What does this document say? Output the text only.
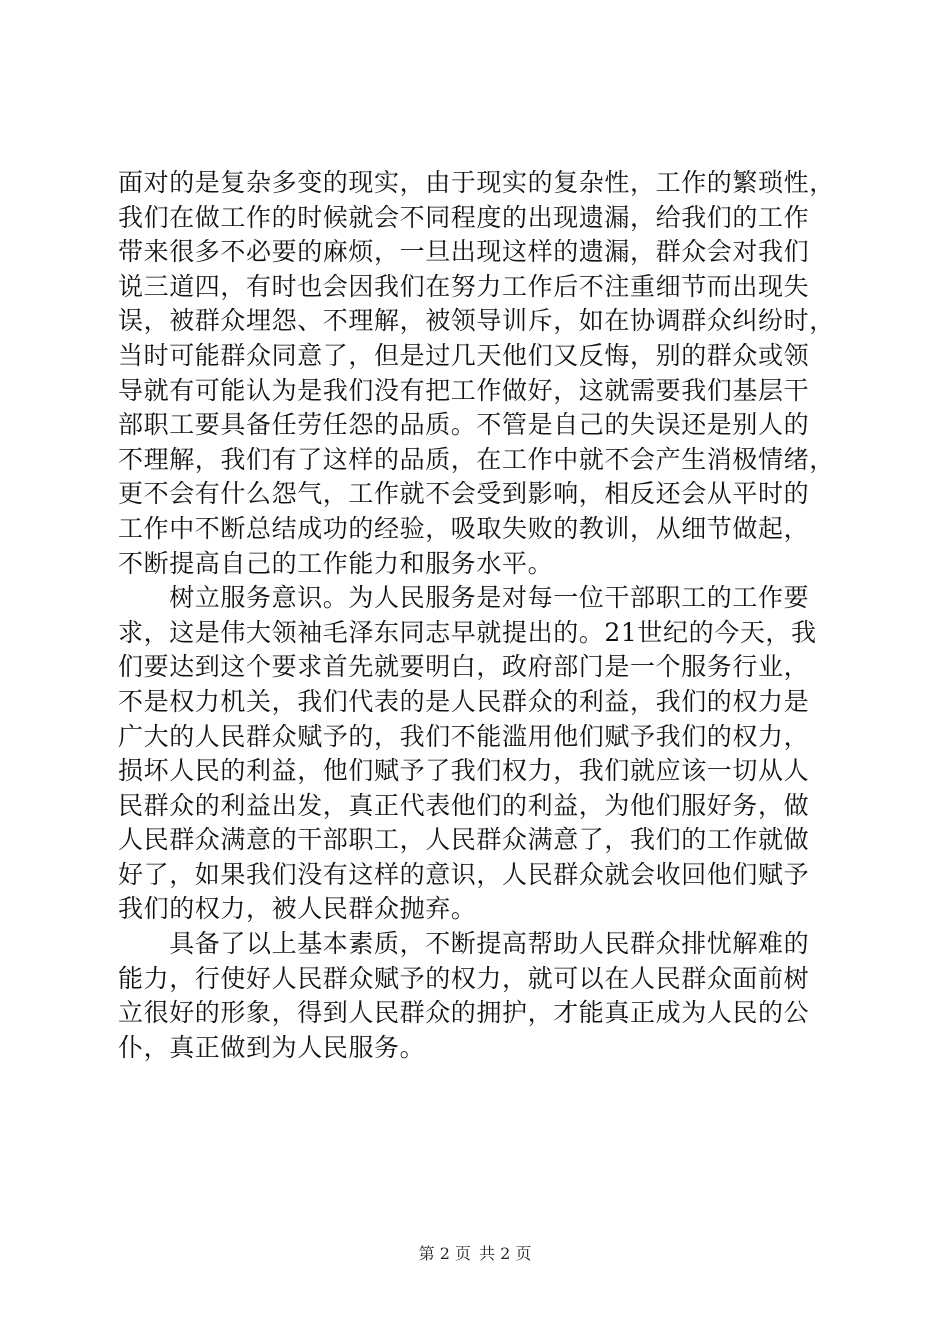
面对的是复杂多变的现实，由于现实的复杂性，工作的繁琐性，
我们在做工作的时候就会不同程度的出现遗漏，给我们的工作
带来很多不必要的麻烦，一旦出现这样的遗漏，群众会对我们
说三道四，有时也会因我们在努力工作后不注重细节而出现失
误，被群众埋怨、不理解，被领导训斥，如在协调群众纠纷时，
当时可能群众同意了，但是过几天他们又反悔，别的群众或领
导就有可能认为是我们没有把工作做好，这就需要我们基层干
部职工要具备任劳任怨的品质。不管是自己的失误还是别人的
不理解，我们有了这样的品质，在工作中就不会产生消极情绪，
更不会有什么怨气，工作就不会受到影响，相反还会从平时的
工作中不断总结成功的经验，吸取失败的教训，从细节做起，
不断提高自己的工作能力和服务水平。
　　树立服务意识。为人民服务是对每一位干部职工的工作要
求，这是伟大领袖毛泽东同志早就提出的。21世纪的今天，我
们要达到这个要求首先就要明白，政府部门是一个服务行业，
不是权力机关，我们代表的是人民群众的利益，我们的权力是
广大的人民群众赋予的，我们不能滥用他们赋予我们的权力，
损坏人民的利益，他们赋予了我们权力，我们就应该一切从人
民群众的利益出发，真正代表他们的利益，为他们服好务，做
人民群众满意的干部职工，人民群众满意了，我们的工作就做
好了，如果我们没有这样的意识，人民群众就会收回他们赋予
我们的权力，被人民群众抛弃。
　　具备了以上基本素质，不断提高帮助人民群众排忧解难的
能力，行使好人民群众赋予的权力，就可以在人民群众面前树
立很好的形象，得到人民群众的拥护，才能真正成为人民的公
仆，真正做到为人民服务。
第 2 页 共 2 页
